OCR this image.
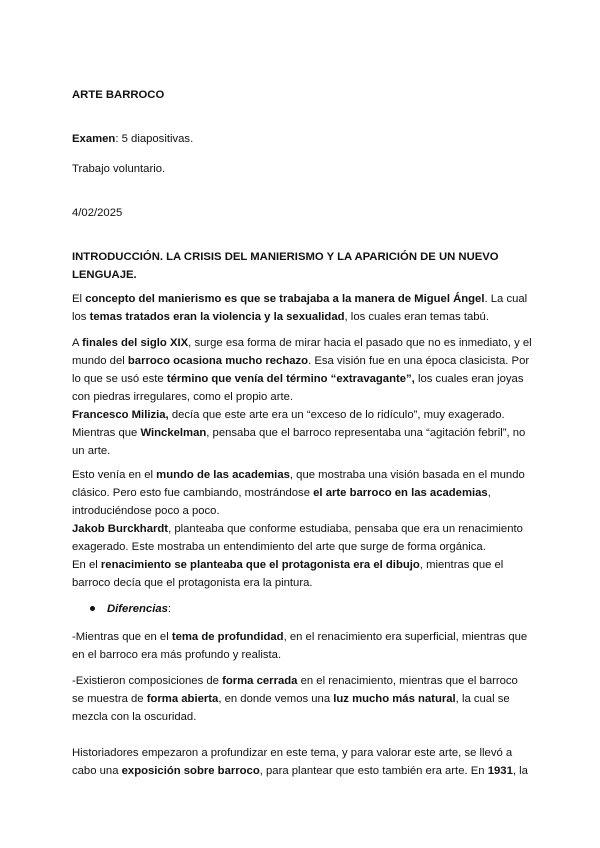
ARTE BARROCO

Examen: 5 diapositivas.

Trabajo voluntario.

4/02/2025

INTRODUCCIÓN. LA CRISIS DEL MANIERISMO Y LA APARICIÓN DE UN NUEVO LENGUAJE.

El concepto del manierismo es que se trabajaba a la manera de Miguel Ángel. La cual los temas tratados eran la violencia y la sexualidad, los cuales eran temas tabú.

A finales del siglo XIX, surge esa forma de mirar hacia el pasado que no es inmediato, y el mundo del barroco ocasiona mucho rechazo. Esa visión fue en una época clasicista. Por lo que se usó este término que venía del término “extravagante”, los cuales eran joyas con piedras irregulares, como el propio arte.

Francesco Milizia, decía que este arte era un “exceso de lo ridículo”, muy exagerado. Mientras que Winckelman, pensaba que el barroco representaba una “agitación febril”, no un arte.

Esto venía en el mundo de las academias, que mostraba una visión basada en el mundo clásico. Pero esto fue cambiando, mostrándose el arte barroco en las academias, introduciéndose poco a poco.
Jakob Burckhardt, planteaba que conforme estudiaba, pensaba que era un renacimiento exagerado. Este mostraba un entendimiento del arte que surge de forma orgánica.

En el renacimiento se planteaba que el protagonista era el dibujo, mientras que el barroco decía que el protagonista era la pintura.

Diferencias:

-Mientras que en el tema de profundidad, en el renacimiento era superficial, mientras que en el barroco era más profundo y realista.

-Existieron composiciones de forma cerrada en el renacimiento, mientras que el barroco se muestra de forma abierta, en donde vemos una luz mucho más natural, la cual se mezcla con la oscuridad.

Historiadores empezaron a profundizar en este tema, y para valorar este arte, se llevó a cabo una exposición sobre barroco, para plantear que esto también era arte. En 1931, la
